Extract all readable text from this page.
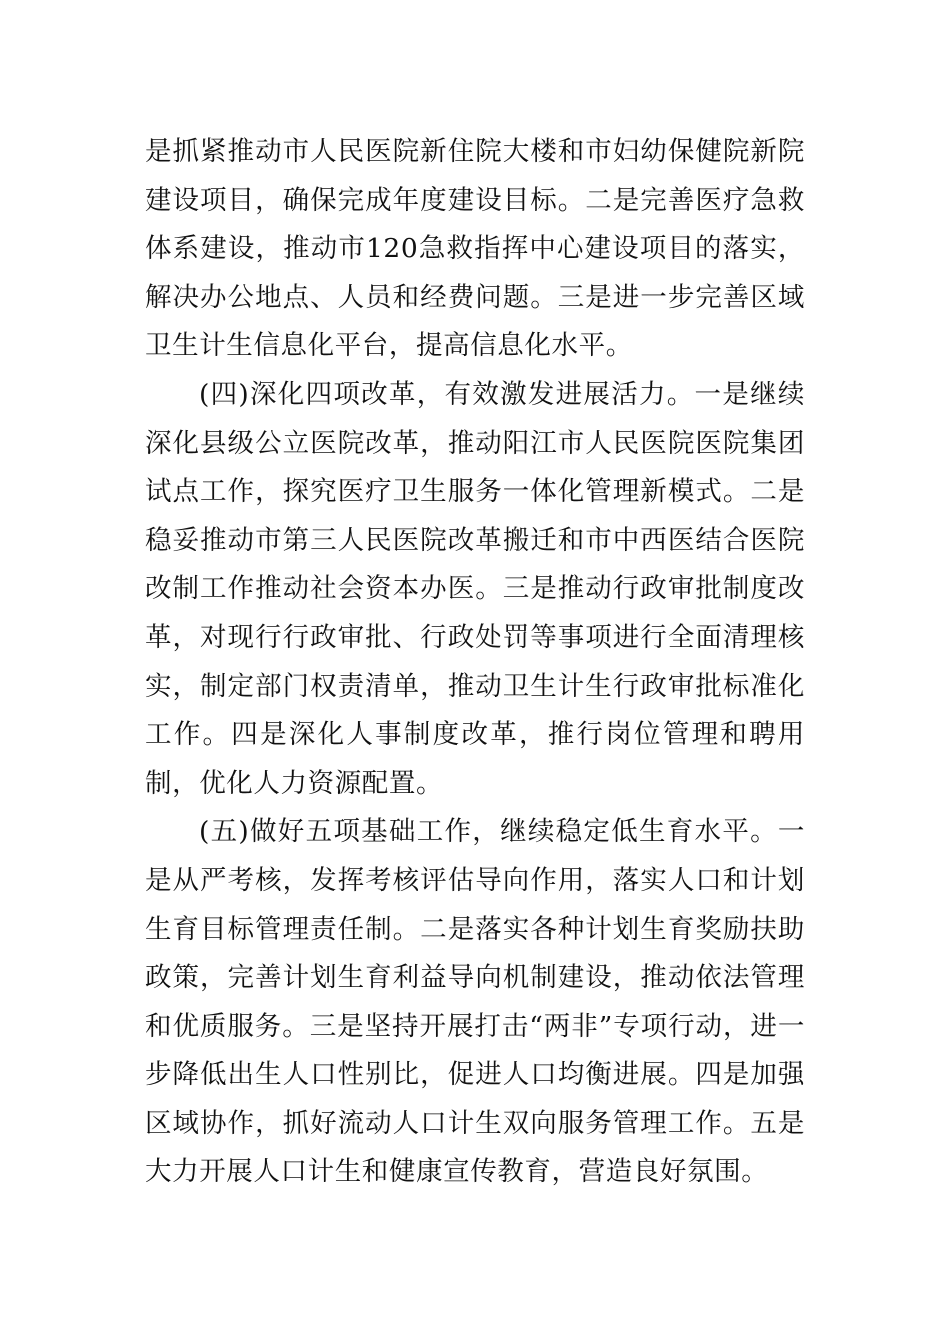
是抓紧推动市人民医院新住院大楼和市妇幼保健院新院建设项目，确保完成年度建设目标。二是完善医疗急救体系建设，推动市120急救指挥中心建设项目的落实，解决办公地点、人员和经费问题。三是进一步完善区域卫生计生信息化平台，提高信息化水平。

(四)深化四项改革，有效激发进展活力。一是继续深化县级公立医院改革，推动阳江市人民医院医院集团试点工作，探究医疗卫生服务一体化管理新模式。二是稳妥推动市第三人民医院改革搬迁和市中西医结合医院改制工作推动社会资本办医。三是推动行政审批制度改革，对现行行政审批、行政处罚等事项进行全面清理核实，制定部门权责清单，推动卫生计生行政审批标准化工作。四是深化人事制度改革，推行岗位管理和聘用制，优化人力资源配置。

(五)做好五项基础工作，继续稳定低生育水平。一是从严考核，发挥考核评估导向作用，落实人口和计划生育目标管理责任制。二是落实各种计划生育奖励扶助政策，完善计划生育利益导向机制建设，推动依法管理和优质服务。三是坚持开展打击“两非”专项行动，进一步降低出生人口性别比，促进人口均衡进展。四是加强区域协作，抓好流动人口计生双向服务管理工作。五是大力开展人口计生和健康宣传教育，营造良好氛围。
